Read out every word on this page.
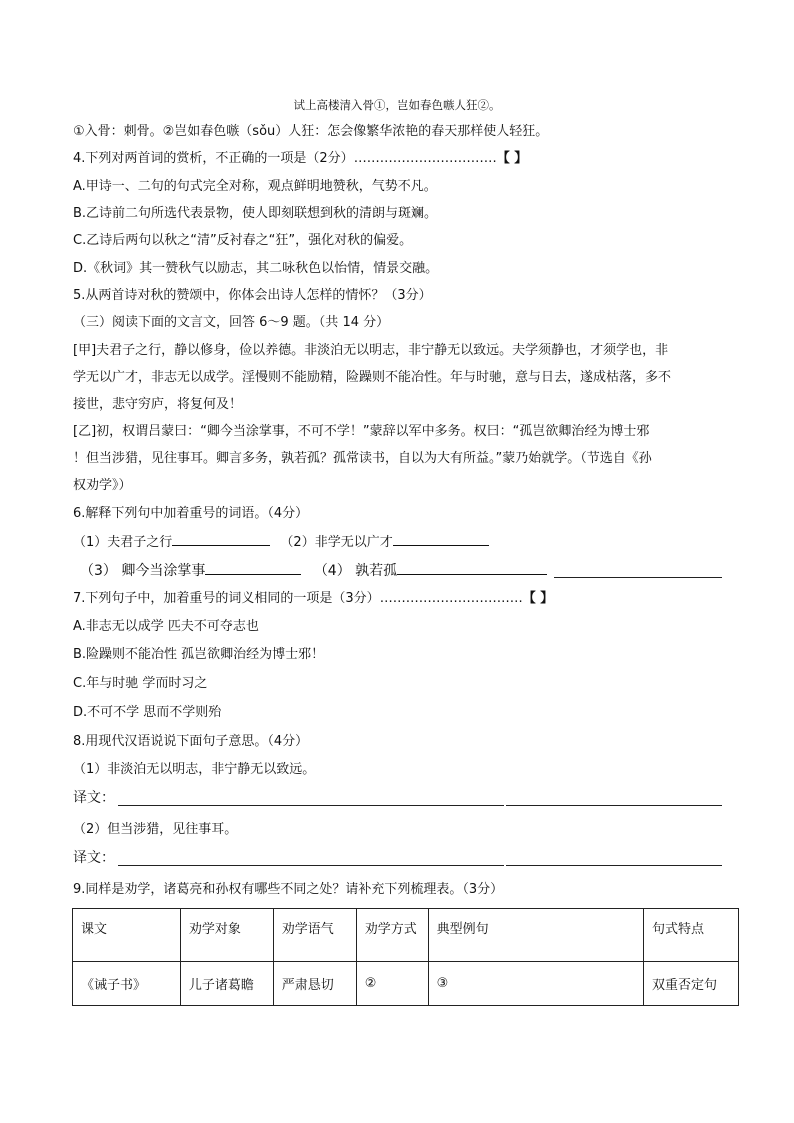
试上高楼清入骨①，岂如春色嗾人狂②。
①入骨：刺骨。②岂如春色嗾（sǒu）人狂：怎会像繁华浓艳的春天那样使人轻狂。
4.下列对两首词的赏析，不正确的一项是（2分）……………………………【 】
A.甲诗一、二句的句式完全对称，观点鲜明地赞秋，气势不凡。
B.乙诗前二句所选代表景物，使人即刻联想到秋的清朗与斑斓。
C.乙诗后两句以秋之“清”反衬春之“狂”，强化对秋的偏爱。
D.《秋词》其一赞秋气以励志，其二咏秋色以怡情，情景交融。
5.从两首诗对秋的赞颂中，你体会出诗人怎样的情怀？（3分）
（三）阅读下面的文言文，回答 6～9 题。（共 14 分）
[甲]夫君子之行，静以修身，俭以养德。非淡泊无以明志，非宁静无以致远。夫学须静也，才须学也，非
学无以广才，非志无以成学。淫慢则不能励精，险躁则不能冶性。年与时驰，意与日去，遂成枯落，多不
接世，悲守穷庐，将复何及！
[乙]初，权谓吕蒙曰：“卿今当涂掌事，不可不学！”蒙辞以军中多务。权曰：“孤岂欲卿治经为博士邪
！但当涉猎，见往事耳。卿言多务，孰若孤？孤常读书，自以为大有所益。”蒙乃始就学。（节选自《孙
权劝学》）
6.解释下列句中加着重号的词语。（4分）
（1）夫君子之行	（2）非学无以广才
（3） 卿今当涂掌事	（4） 孰若孤
7.下列句子中，加着重号的词义相同的一项是（3分）……………………………【 】
A.非志无以成学 匹夫不可夺志也
B.险躁则不能冶性 孤岂欲卿治经为博士邪！
C.年与时驰 学而时习之
D.不可不学 思而不学则殆
8.用现代汉语说说下面句子意思。（4分）
（1）非淡泊无以明志，非宁静无以致远。
译文：
（2）但当涉猎，见往事耳。
译文：
9.同样是劝学，诸葛亮和孙权有哪些不同之处？请补充下列梳理表。（3分）
课文	劝学对象	劝学语气	劝学方式	典型例句	句式特点
《诫子书》	儿子诸葛瞻	严肃恳切	②	③	双重否定句
